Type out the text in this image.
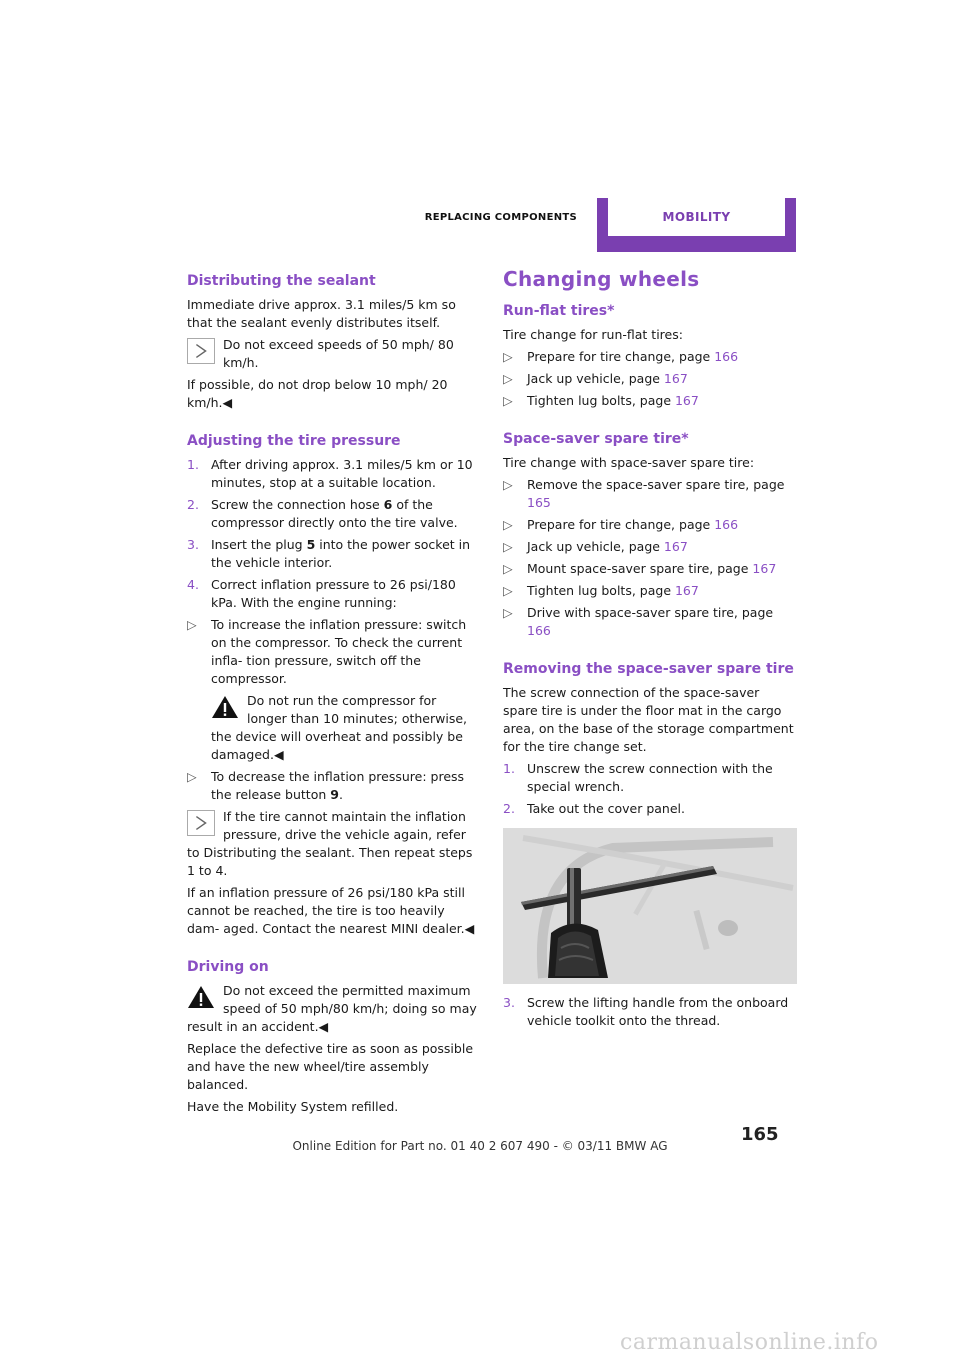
REPLACING COMPONENTS	MOBILITY
Distributing the sealant

Immediate drive approx. 3.1 miles/5 km so that the sealant evenly distributes itself.

Do not exceed speeds of 50 mph/ 80 km/h.

If possible, do not drop below 10 mph/ 20 km/h.◀

Adjusting the tire pressure
1. After driving approx. 3.1 miles/5 km or 10 minutes, stop at a suitable location.
2. Screw the connection hose 6 of the compressor directly onto the tire valve.
3. Insert the plug 5 into the power socket in the vehicle interior.
4. Correct inflation pressure to 26 psi/180 kPa. With the engine running:
▷ To increase the inflation pressure: switch on the compressor. To check the current infla- tion pressure, switch off the compressor.
Do not run the compressor for longer than 10 minutes; otherwise, the device will overheat and possibly be damaged.◀
▷ To decrease the inflation pressure: press the release button 9.
If the tire cannot maintain the inflation pressure, drive the vehicle again, refer to Distributing the sealant. Then repeat steps 1 to 4.

If an inflation pressure of 26 psi/180 kPa still cannot be reached, the tire is too heavily dam- aged. Contact the nearest MINI dealer.◀

Driving on
Do not exceed the permitted maximum speed of 50 mph/80 km/h; doing so may result in an accident.◀

Replace the defective tire as soon as possible and have the new wheel/tire assembly balanced.

Have the Mobility System refilled.

Changing wheels
Run-flat tires*

Tire change for run-flat tires:

▷ Prepare for tire change, page 166
▷ Jack up vehicle, page 167
▷ Tighten lug bolts, page 167
Space-saver spare tire*

Tire change with space-saver spare tire:

▷ Remove the space-saver spare tire, page 165
▷ Prepare for tire change, page 166
▷ Jack up vehicle, page 167
▷ Mount space-saver spare tire, page 167
▷ Tighten lug bolts, page 167
▷ Drive with space-saver spare tire, page 166
Removing the space-saver spare tire

The screw connection of the space-saver spare tire is under the floor mat in the cargo area, on the base of the storage compartment for the tire change set.

1. Unscrew the screw connection with the special wrench.
2. Take out the cover panel.
3. Screw the lifting handle from the onboard vehicle toolkit onto the thread.
165
Online Edition for Part no. 01 40 2 607 490 - © 03/11 BMW AG
carmanualsonline.info
